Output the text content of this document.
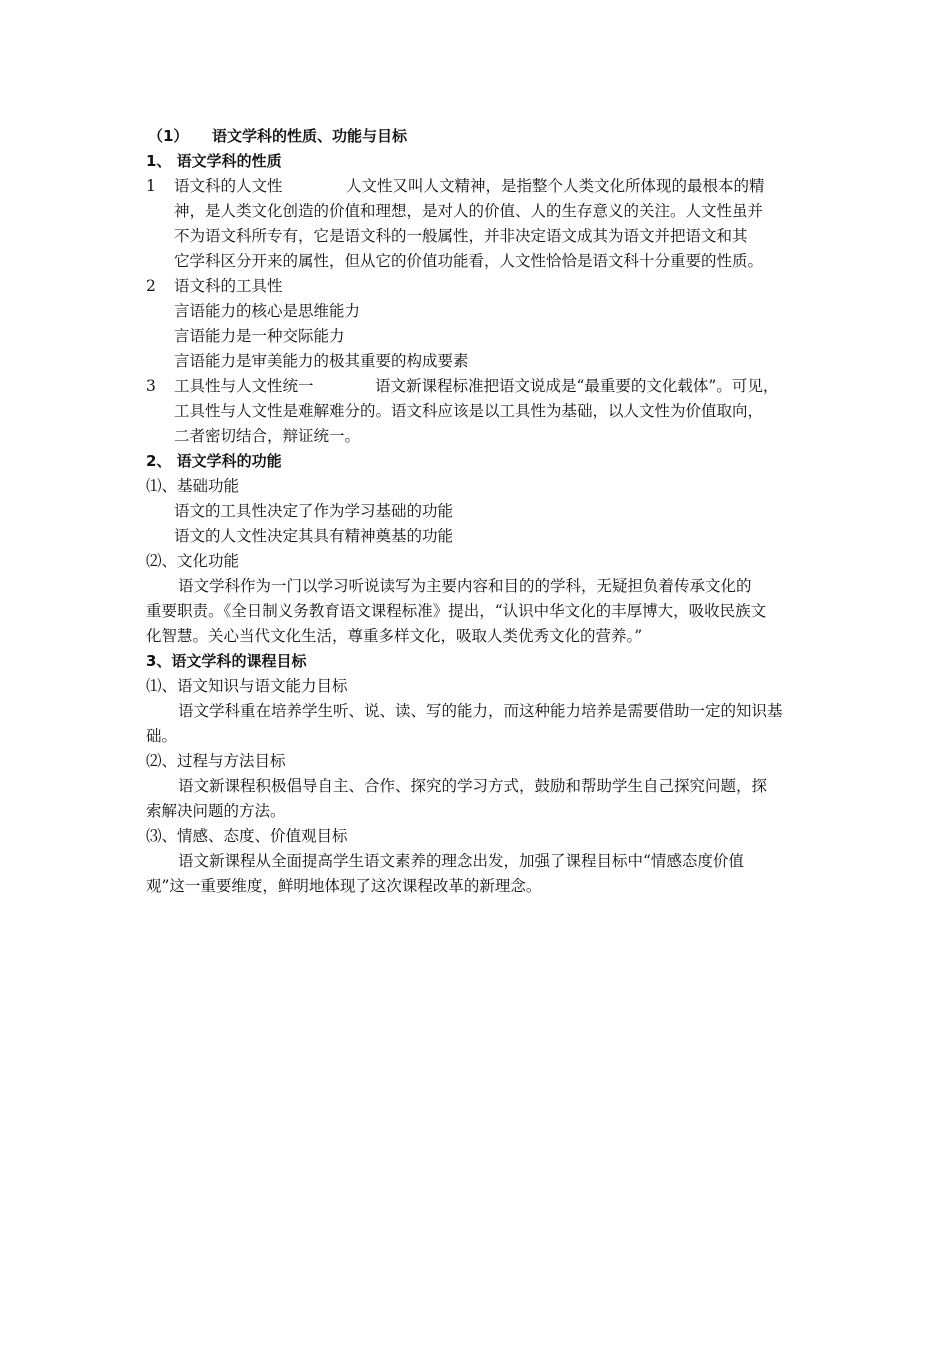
（1） 语文学科的性质、功能与目标
1、 语文学科的性质
1 语文科的人文性	人文性又叫人文精神，是指整个人类文化所体现的最根本的精
神，是人类文化创造的价值和理想，是对人的价值、人的生存意义的关注。人文性虽并
不为语文科所专有，它是语文科的一般属性，并非决定语文成其为语文并把语文和其
它学科区分开来的属性，但从它的价值功能看，人文性恰恰是语文科十分重要的性质。
2 语文科的工具性
言语能力的核心是思维能力
言语能力是一种交际能力
言语能力是审美能力的极其重要的构成要素
3 工具性与人文性统一	语文新课程标准把语文说成是“最重要的文化载体”。可见，
工具性与人文性是难解难分的。语文科应该是以工具性为基础，以人文性为价值取向，
二者密切结合，辩证统一。
2、 语文学科的功能
⑴、基础功能
语文的工具性决定了作为学习基础的功能
语文的人文性决定其具有精神奠基的功能
⑵、文化功能
语文学科作为一门以学习听说读写为主要内容和目的的学科，无疑担负着传承文化的
重要职责。《全日制义务教育语文课程标准》提出，“认识中华文化的丰厚博大，吸收民族文
化智慧。关心当代文化生活，尊重多样文化，吸取人类优秀文化的营养。”
3、语文学科的课程目标
⑴、语文知识与语文能力目标
语文学科重在培养学生听、说、读、写的能力，而这种能力培养是需要借助一定的知识基
础。
⑵、过程与方法目标
语文新课程积极倡导自主、合作、探究的学习方式，鼓励和帮助学生自己探究问题，探
索解决问题的方法。
⑶、情感、态度、价值观目标
语文新课程从全面提高学生语文素养的理念出发，加强了课程目标中“情感态度价值
观”这一重要维度，鲜明地体现了这次课程改革的新理念。
